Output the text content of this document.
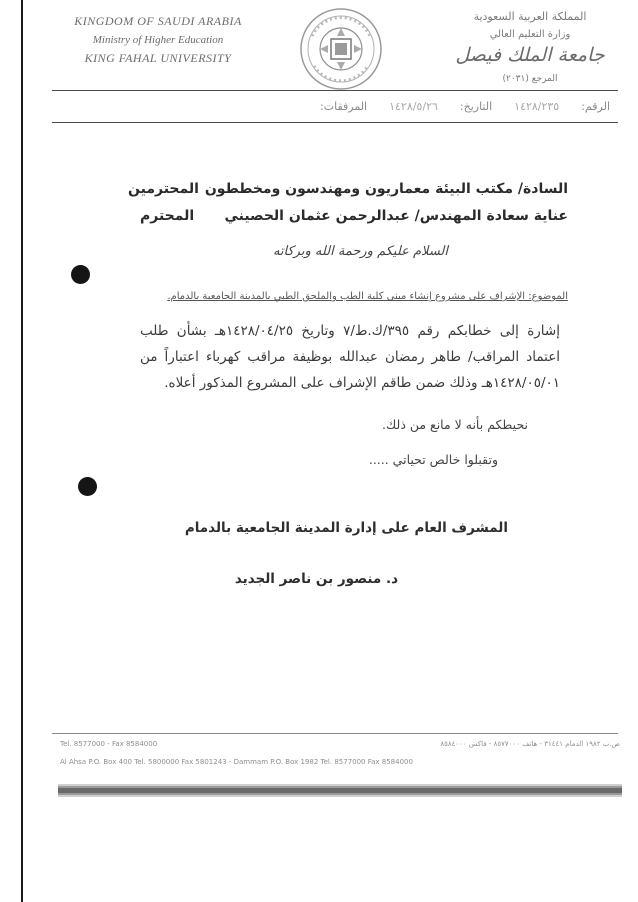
KINGDOM OF SAUDI ARABIA
Ministry of Higher Education
KING FAHAL UNIVERSITY
المملكة العربية السعودية
وزارة التعليم العالي
جامعة الملك فيصل
المرجع (٢٠٣١)
الرقم:
١٤٢٨/٢٣٥
التاريخ:
١٤٢٨/٥/٢٦
المرفقات:
السادة/ مكتب البيئة معماريون ومهندسون ومخططون
المحترمين
عناية سعادة المهندس/ عبدالرحمن عثمان الحصيني
المحترم
السلام عليكم ورحمة الله وبركاته
الموضوع: الإشراف على مشروع إنشاء مبنى كلية الطب والملحق الطبي بالمدينة الجامعية بالدمام.
إشارة إلى خطابكم رقم ٣٩٥/ك.ط/٧ وتاريخ ١٤٢٨/٠٤/٢٥هـ بشأن طلب
اعتماد المراقب/ طاهر رمضان عبدالله بوظيفة مراقب كهرباء اعتباراً من
١٤٢٨/٠٥/٠١هـ وذلك ضمن طاقم الإشراف على المشروع المذكور أعلاه.
نحيطكم بأنه لا مانع من ذلك.
وتقبلوا خالص تحياتي .....
المشرف العام على إدارة المدينة الجامعية بالدمام
د. منصور بن ناصر الجديد
Tel. 8577000 - Fax 8584000	ص.ب ١٩٨٢ الدمام ٣١٤٤١ - هاتف ٨٥٧٧٠٠٠ - فاكس ٨٥٨٤٠٠٠
Al Ahsa P.O. Box 400 Tel. 5800000 Fax 5801243 - Dammam P.O. Box 1982 Tel. 8577000 Fax 8584000
